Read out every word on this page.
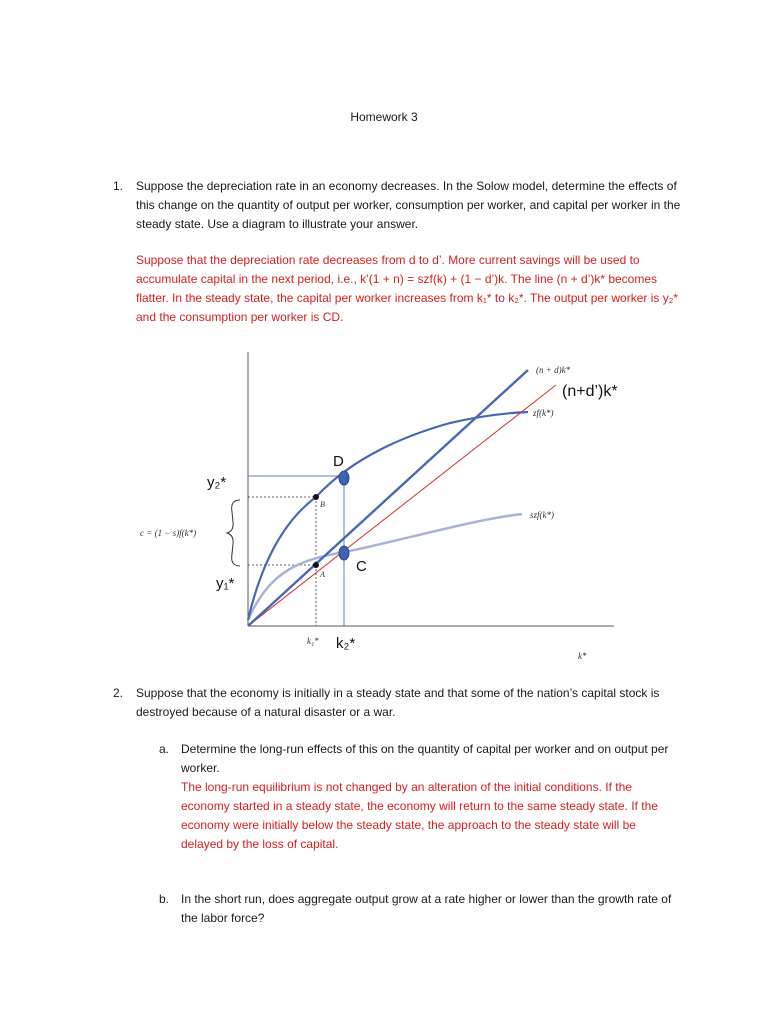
Homework 3
1.	Suppose the depreciation rate in an economy decreases. In the Solow model, determine the effects of this change on the quantity of output per worker, consumption per worker, and capital per worker in the steady state. Use a diagram to illustrate your answer.
Suppose that the depreciation rate decreases from d to d’. More current savings will be used to accumulate capital in the next period, i.e., k’(1 + n) = szf(k) + (1 − d’)k. The line (n + d’)k* becomes flatter. In the steady state, the capital per worker increases from k₁* to k₂*. The output per worker is y₂* and the consumption per worker is CD.
(n + d)k*
(n+d’)k*
zf(k*)
szf(k*)
D
C
B
A
y₂*
y₁*
c = (1 − s)f(k*)
k₁* k₂*
k*
2.	Suppose that the economy is initially in a steady state and that some of the nation’s capital stock is destroyed because of a natural disaster or a war.
a. Determine the long-run effects of this on the quantity of capital per worker and on output per worker.
The long-run equilibrium is not changed by an alteration of the initial conditions. If the economy started in a steady state, the economy will return to the same steady state. If the economy were initially below the steady state, the approach to the steady state will be delayed by the loss of capital.
b. In the short run, does aggregate output grow at a rate higher or lower than the growth rate of the labor force?
